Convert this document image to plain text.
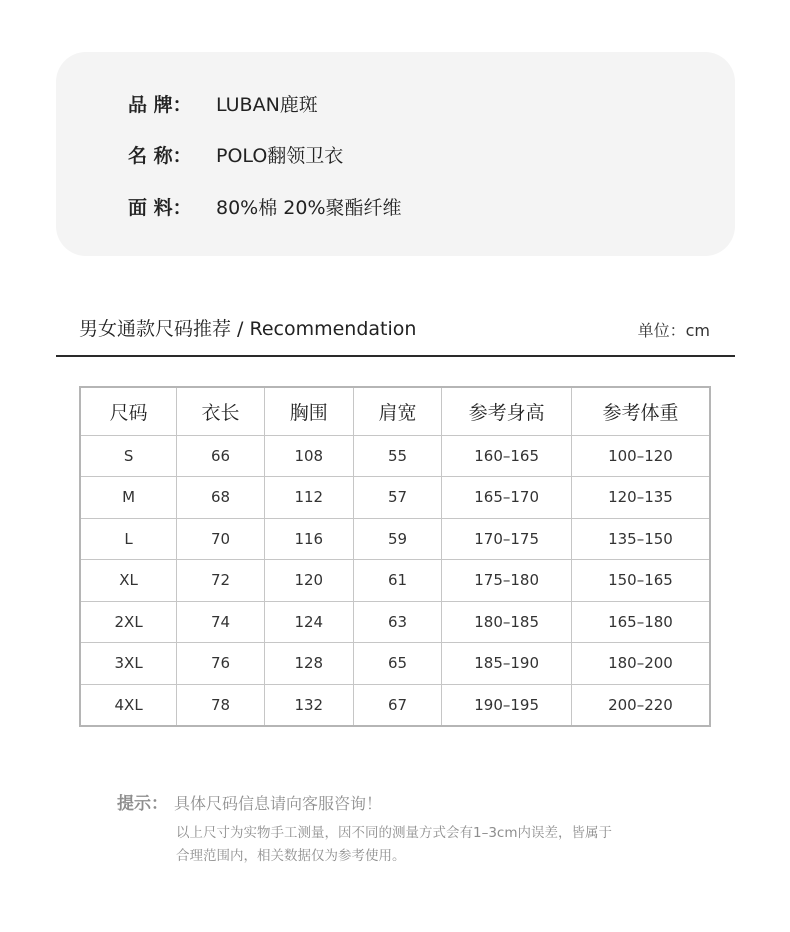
品 牌：	LUBAN鹿斑
名 称：	POLO翻领卫衣
面 料：	80%棉 20%聚酯纤维
男女通款尺码推荐 / Recommendation	单位：cm
尺码	衣长	胸围	肩宽	参考身高	参考体重
S	66	108	55	160–165	100–120
M	68	112	57	165–170	120–135
L	70	116	59	170–175	135–150
XL	72	120	61	175–180	150–165
2XL	74	124	63	180–185	165–180
3XL	76	128	65	185–190	180–200
4XL	78	132	67	190–195	200–220
提示： 具体尺码信息请向客服咨询！
以上尺寸为实物手工测量，因不同的测量方式会有1–3cm内误差，皆属于
合理范围内，相关数据仅为参考使用。
